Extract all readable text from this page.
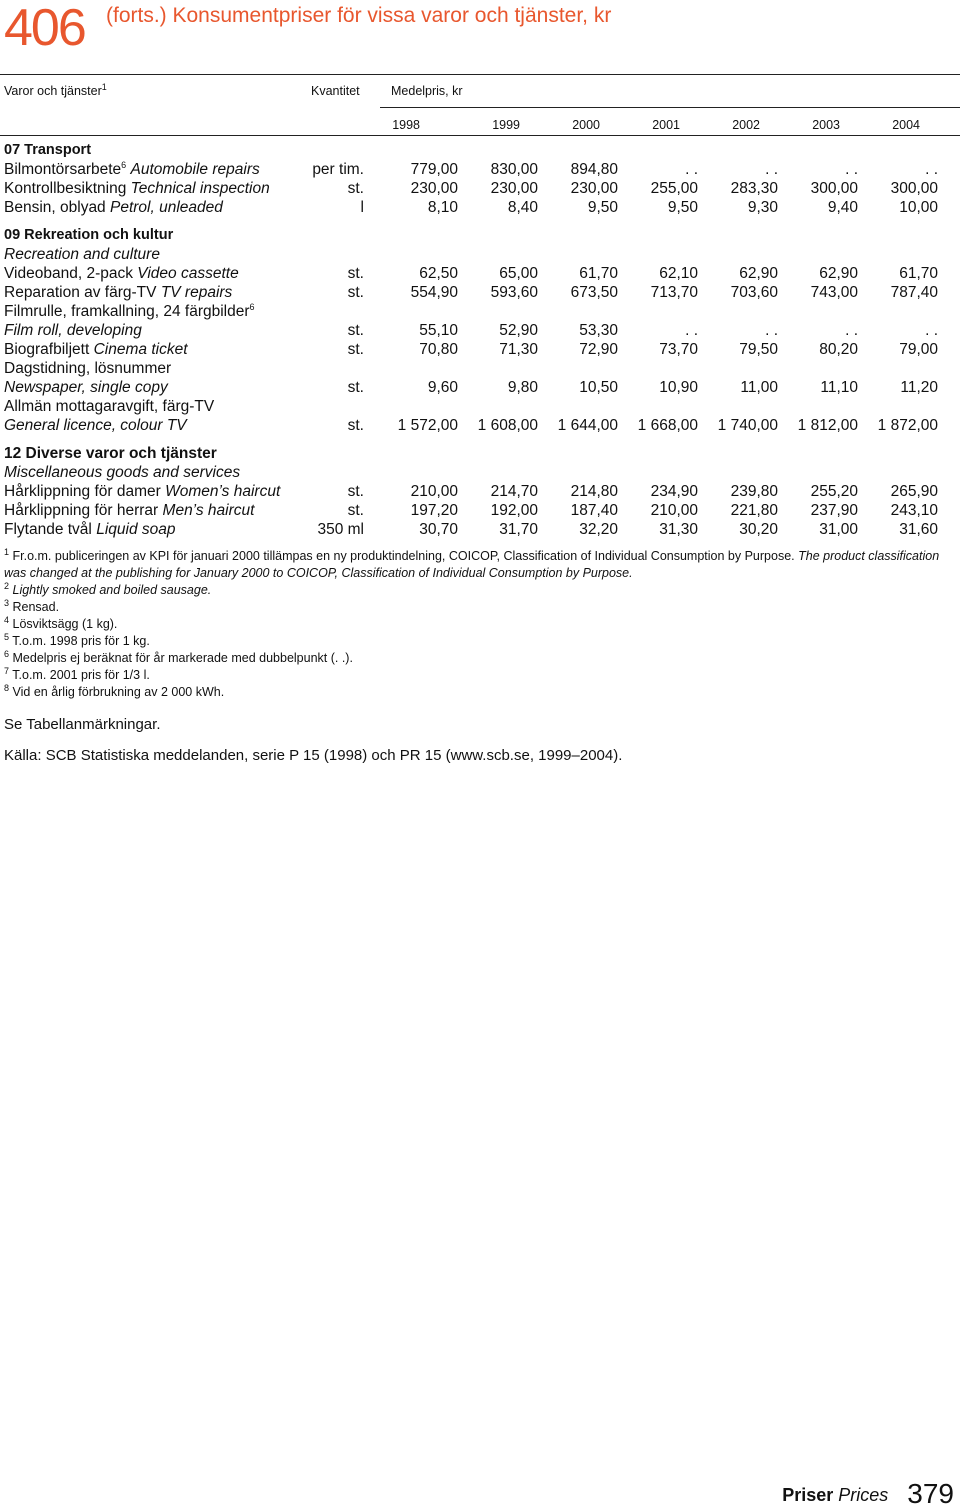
406 (forts.) Konsumentpriser för vissa varor och tjänster, kr
Varor och tjänster$^1$	Kvantitet	Medelpris, kr
1998	1999	2000	2001	2002	2003	2004
07 Transport
Bilmontörsarbete$^6$ Automobile repairs	per tim.	779,00	830,00	894,80	. .	. .	. .	. .
Kontrollbesiktning Technical inspection	st.	230,00	230,00	230,00	255,00	283,30	300,00	300,00
Bensin, oblyad Petrol, unleaded	l	8,10	8,40	9,50	9,50	9,30	9,40	10,00
09 Rekreation och kultur
Recreation and culture
Videoband, 2-pack Video cassette	st.	62,50	65,00	61,70	62,10	62,90	62,90	61,70
Reparation av färg-TV TV repairs	st.	554,90	593,60	673,50	713,70	703,60	743,00	787,40
Filmrulle, framkallning, 24 färgbilder$^6$
Film roll, developing	st.	55,10	52,90	53,30	. .	. .	. .	. .
Biografbiljett Cinema ticket	st.	70,80	71,30	72,90	73,70	79,50	80,20	79,00
Dagstidning, lösnummer
Newspaper, single copy	st.	9,60	9,80	10,50	10,90	11,00	11,10	11,20
Allmän mottagaravgift, färg-TV
General licence, colour TV	st.	1 572,00	1 608,00	1 644,00	1 668,00	1 740,00	1 812,00	1 872,00
12 Diverse varor och tjänster
Miscellaneous goods and services
Hårklippning för damer Women’s haircut	st.	210,00	214,70	214,80	234,90	239,80	255,20	265,90
Hårklippning för herrar Men’s haircut	st.	197,20	192,00	187,40	210,00	221,80	237,90	243,10
Flytande tvål Liquid soap	350 ml	30,70	31,70	32,20	31,30	30,20	31,00	31,60
$^1$ Fr.o.m. publiceringen av KPI för januari 2000 tillämpas en ny produktindelning, COICOP, Classification of Individual Consumption by Purpose. The product classification was changed at the publishing for January 2000 to COICOP, Classification of Individual Consumption by Purpose.
$^2$ Lightly smoked and boiled sausage.
$^3$ Rensad.
$^4$ Lösviktsägg (1 kg).
$^5$ T.o.m. 1998 pris för 1 kg.
$^6$ Medelpris ej beräknat för år markerade med dubbelpunkt (. .).
$^7$ T.o.m. 2001 pris för 1/3 l.
$^8$ Vid en årlig förbrukning av 2 000 kWh.
Se Tabellanmärkningar.
Källa: SCB Statistiska meddelanden, serie P 15 (1998) och PR 15 (www.scb.se, 1999–2004).
Priser Prices 379
